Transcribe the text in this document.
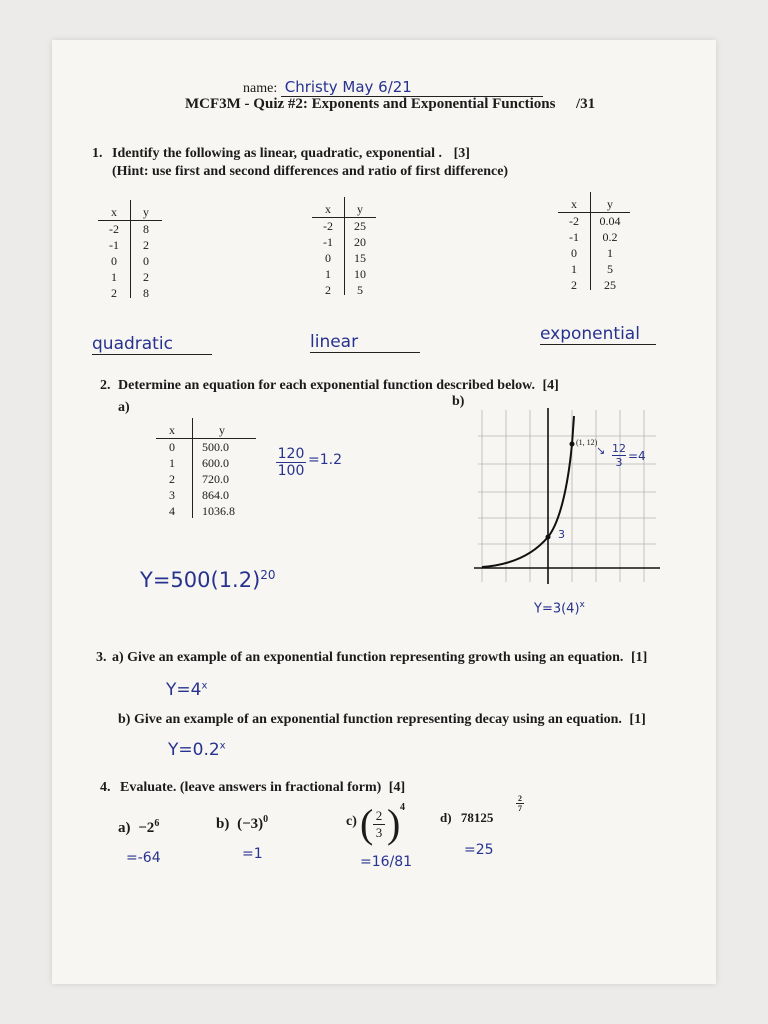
name: Christy May 6/21
MCF3M - Quiz #2: Exponents and Exponential Functions /31
1. Identify the following as linear, quadratic, exponential . [3]
(Hint: use first and second differences and ratio of first difference)
x	y
-2	8
-1	2
0	0
1	2
2	8
quadratic
x	y
-2	25
-1	20
0	15
1	10
2	5
linear
x	y
-2	0.04
-1	0.2
0	1
1	5
2	25
exponential
2. Determine an equation for each exponential function described below. [4]
a)	b)
x	y
0	500.0
1	600.0
2	720.0
3	864.0
4	1036.8
$\frac{120}{100} =1.2$
$Y=500(1.2)^{20}$
(1, 12)
↘ $\frac{12}{3} =4$
3
$Y=3(4)^x$
3. a) Give an example of an exponential function representing growth using an equation. [1]
$Y=4^x$
b) Give an example of an exponential function representing decay using an equation. [1]
$Y=0.2^x$
4. Evaluate. (leave answers in fractional form) [4]
$a) -2^6$
=-64
b) $(-3)^0$
=1
c) ( $\frac{2}{3}$ ) 4
=16/81
d) 78125
$\frac{2}{7}$
=25
